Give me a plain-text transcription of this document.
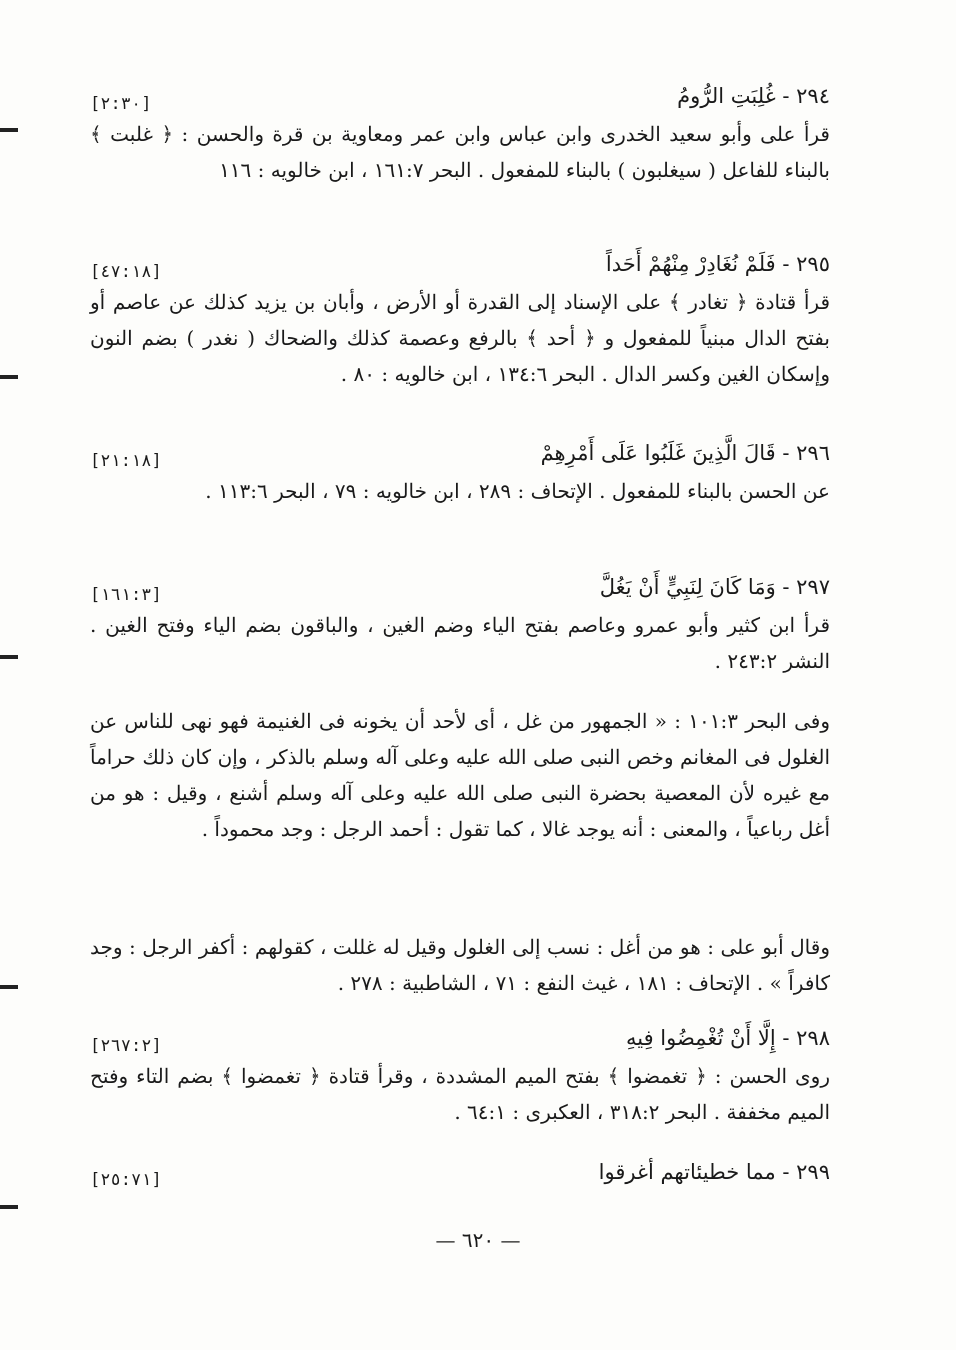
٢٩٤ - غُلِبَتِ الرُّومُ
[٢:٣٠]

قرأ على وأبو سعيد الخدرى وابن عباس وابن عمر ومعاوية بن قرة والحسن : ﴿ غلبت ﴾ بالبناء للفاعل ( سيغلبون ) بالبناء للمفعول . البحر ١٦١:٧ ، ابن خالويه : ١١٦

٢٩٥ - فَلَمْ نُغَادِرْ مِنْهُمْ أَحَداً
[٤٧:١٨]

قرأ قتادة ﴿ تغادر ﴾ على الإسناد إلى القدرة أو الأرض ، وأبان بن يزيد كذلك عن عاصم أو بفتح الدال مبنياً للمفعول و ﴿ أحد ﴾ بالرفع وعصمة كذلك والضحاك ( نغدر ) بضم النون وإسكان الغين وكسر الدال . البحر ١٣٤:٦ ، ابن خالويه : ٨٠ .

٢٩٦ - قَالَ الَّذِينَ غَلَبُوا عَلَى أَمْرِهِمْ
[٢١:١٨]

عن الحسن بالبناء للمفعول . الإتحاف : ٢٨٩ ، ابن خالويه : ٧٩ ، البحر ١١٣:٦ .

٢٩٧ - وَمَا كَانَ لِنَبِيٍّ أَنْ يَغُلَّ
[١٦١:٣]

قرأ ابن كثير وأبو عمرو وعاصم بفتح الياء وضم الغين ، والباقون بضم الياء وفتح الغين . النشر ٢٤٣:٢ .

وفى البحر ١٠١:٣ : « الجمهور من غل ، أى لأحد أن يخونه فى الغنيمة فهو نهى للناس عن الغلول فى المغانم وخص النبى صلى الله عليه وعلى آله وسلم بالذكر ، وإن كان ذلك حراماً مع غيره لأن المعصية بحضرة النبى صلى الله عليه وعلى آله وسلم أشنع ، وقيل : هو من أغل رباعياً ، والمعنى : أنه يوجد غالا ، كما تقول : أحمد الرجل : وجد محموداً .

وقال أبو على : هو من أغل : نسب إلى الغلول وقيل له غللت ، كقولهم : أكفر الرجل : وجد كافراً » . الإتحاف : ١٨١ ، غيث النفع : ٧١ ، الشاطبية : ٢٧٨ .

٢٩٨ - إِلَّا أَنْ تُغْمِضُوا فِيهِ
[٢٦٧:٢]

روى الحسن : ﴿ تغمضوا ﴾ بفتح الميم المشددة ، وقرأ قتادة ﴿ تغمضوا ﴾ بضم التاء وفتح الميم مخففة . البحر ٣١٨:٢ ، العكبرى : ٦٤:١ .

٢٩٩ - مما خطيئاتهم أغرقوا
[٢٥:٧١]
— ٦٢٠ —
